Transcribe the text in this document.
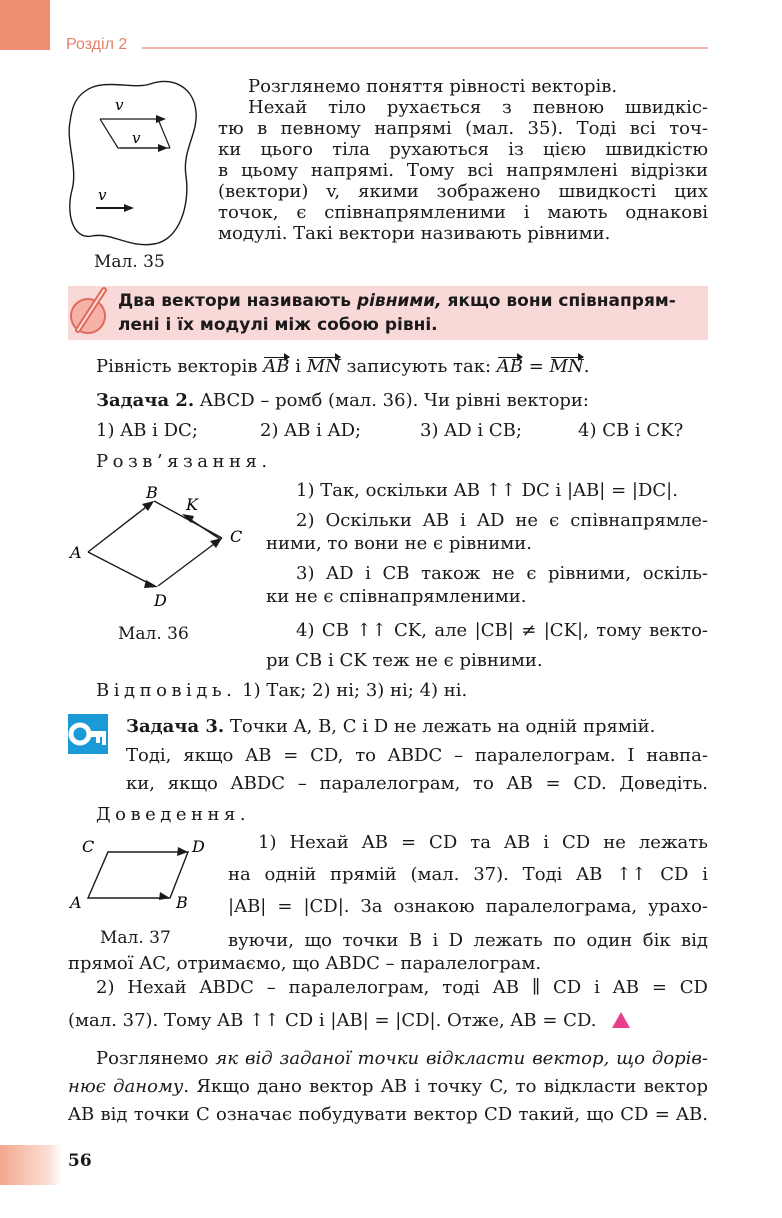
Розділ 2
v
v
v
Мал. 35
Розглянемо поняття рівності векторів.
Нехай тіло рухається з певною швидкіс-
тю в певному напрямі (мал. 35). Тоді всі точ-
ки цього тіла рухаються із цією швидкістю
в цьому напрямі. Тому всі напрямлені відрізки
(вектори) v, якими зображено швидкості цих
точок, є співнапрямленими і мають однакові
модулі. Такі вектори називають рівними.
Два вектори називають рівними, якщо вони співнапрям-
лені і їх модулі між собою рівні.
Рівність векторів AB і MN записують так: AB = MN.
Задача 2. ABCD – ромб (мал. 36). Чи рівні вектори:
1) AB і DC;	2) AB і AD;	3) AD і CB;	4) CB і CK?
Розв’язання.
A
B
C
D
K
Мал. 36
1) Так, оскільки AB ↑↑ DC і |AB| = |DC|.
2) Оскільки AB і AD не є співнапрямле-
ними, то вони не є рівними.
3) AD і CB також не є рівними, оскіль-
ки не є співнапрямленими.
4) CB ↑↑ CK, але |CB| ≠ |CK|, тому векто-
ри CB і CK теж не є рівними.
Відповідь. 1) Так; 2) ні; 3) ні; 4) ні.
Задача 3. Точки A, B, C і D не лежать на одній прямій.
Тоді, якщо AB = CD, то ABDC – паралелограм. І навпа-
ки, якщо ABDC – паралелограм, то AB = CD. Доведіть.
Доведення.
A	B
C	D
Мал. 37
1) Нехай AB = CD та AB і CD не лежать
на одній прямій (мал. 37). Тоді AB ↑↑ CD і
|AB| = |CD|. За ознакою паралелограма, урахо-
вуючи, що точки B і D лежать по один бік від
прямої AC, отримаємо, що ABDC – паралелограм.
2) Нехай ABDC – паралелограм, тоді AB ∥ CD і AB = CD
(мал. 37). Тому AB ↑↑ CD і |AB| = |CD|. Отже, AB = CD.
Розглянемо як від заданої точки відкласти вектор, що дорів-
нює даному. Якщо дано вектор AB і точку C, то відкласти вектор
AB від точки C означає побудувати вектор CD такий, що CD = AB.
56
